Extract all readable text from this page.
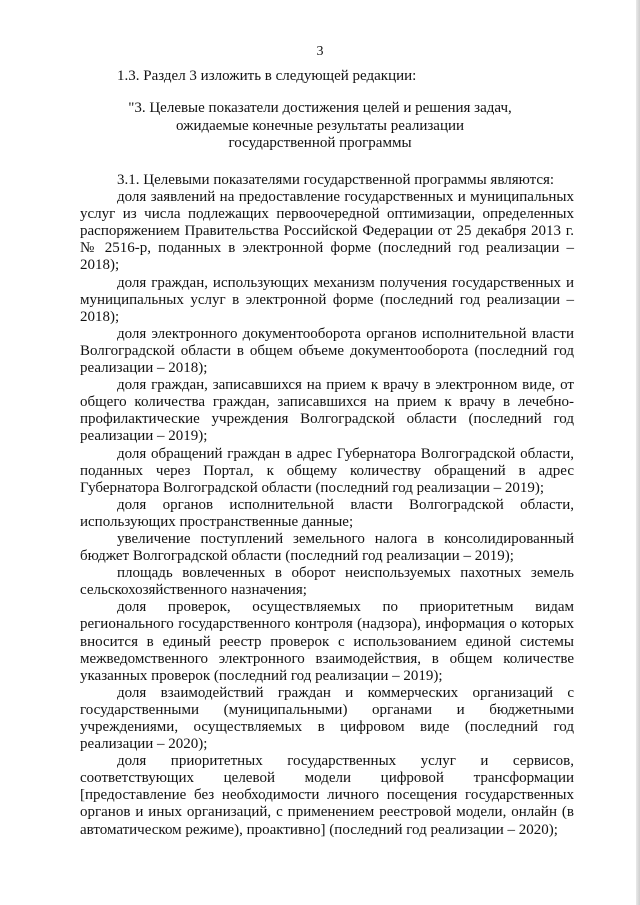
3
1.3. Раздел 3 изложить в следующей редакции:
"3. Целевые показатели достижения целей и решения задач,
ожидаемые конечные результаты реализации
государственной программы

3.1. Целевыми показателями государственной программы являются:

доля заявлений на предоставление государственных и муниципальных услуг из числа подлежащих первоочередной оптимизации, определенных распоряжением Правительства Российской Федерации от 25 декабря 2013 г. № 2516-р, поданных в электронной форме (последний год реализации – 2018);

доля граждан, использующих механизм получения государственных и муниципальных услуг в электронной форме (последний год реализации – 2018);

доля электронного документооборота органов исполнительной власти Волгоградской области в общем объеме документооборота (последний год реализации – 2018);

доля граждан, записавшихся на прием к врачу в электронном виде, от общего количества граждан, записавшихся на прием к врачу в лечебно-профилактические учреждения Волгоградской области (последний год реализации – 2019);

доля обращений граждан в адрес Губернатора Волгоградской области, поданных через Портал, к общему количеству обращений в адрес Губернатора Волгоградской области (последний год реализации – 2019);

доля органов исполнительной власти Волгоградской области, использующих пространственные данные;

увеличение поступлений земельного налога в консолидированный бюджет Волгоградской области (последний год реализации – 2019);

площадь вовлеченных в оборот неиспользуемых пахотных земель сельскохозяйственного назначения;

доля проверок, осуществляемых по приоритетным видам регионального государственного контроля (надзора), информация о которых вносится в единый реестр проверок с использованием единой системы межведомственного электронного взаимодействия, в общем количестве указанных проверок (последний год реализации – 2019);

доля взаимодействий граждан и коммерческих организаций с государственными (муниципальными) органами и бюджетными учреждениями, осуществляемых в цифровом виде (последний год реализации – 2020);

доля приоритетных государственных услуг и сервисов, соответствующих целевой модели цифровой трансформации [предоставление без необходимости личного посещения государственных органов и иных организаций, с применением реестровой модели, онлайн (в автоматическом режиме), проактивно] (последний год реализации – 2020);
